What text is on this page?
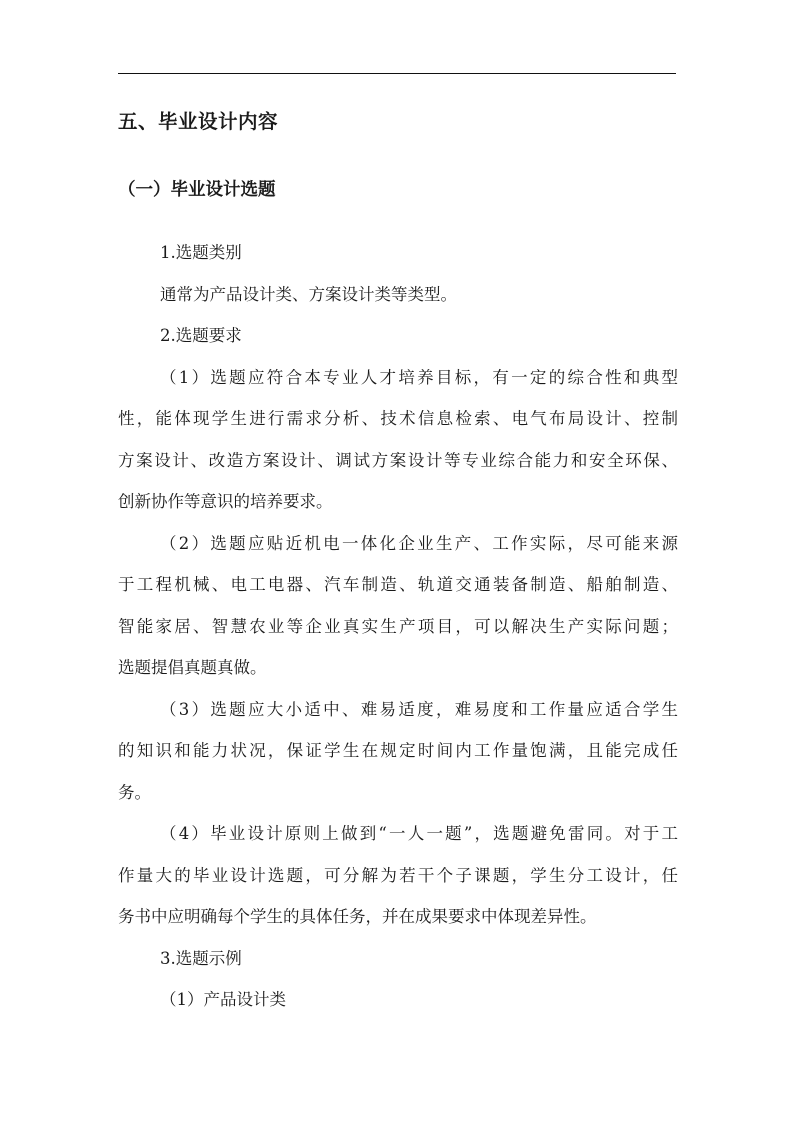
五、毕业设计内容
（一）毕业设计选题
1.选题类别
通常为产品设计类、方案设计类等类型。
2.选题要求
（1）选题应符合本专业人才培养目标，有一定的综合性和典型
性，能体现学生进行需求分析、技术信息检索、电气布局设计、控制
方案设计、改造方案设计、调试方案设计等专业综合能力和安全环保、
创新协作等意识的培养要求。
（2）选题应贴近机电一体化企业生产、工作实际，尽可能来源
于工程机械、电工电器、汽车制造、轨道交通装备制造、船舶制造、
智能家居、智慧农业等企业真实生产项目，可以解决生产实际问题；
选题提倡真题真做。
（3）选题应大小适中、难易适度，难易度和工作量应适合学生
的知识和能力状况，保证学生在规定时间内工作量饱满，且能完成任
务。
（4）毕业设计原则上做到“一人一题”，选题避免雷同。对于工
作量大的毕业设计选题，可分解为若干个子课题，学生分工设计，任
务书中应明确每个学生的具体任务，并在成果要求中体现差异性。
3.选题示例
（1）产品设计类
